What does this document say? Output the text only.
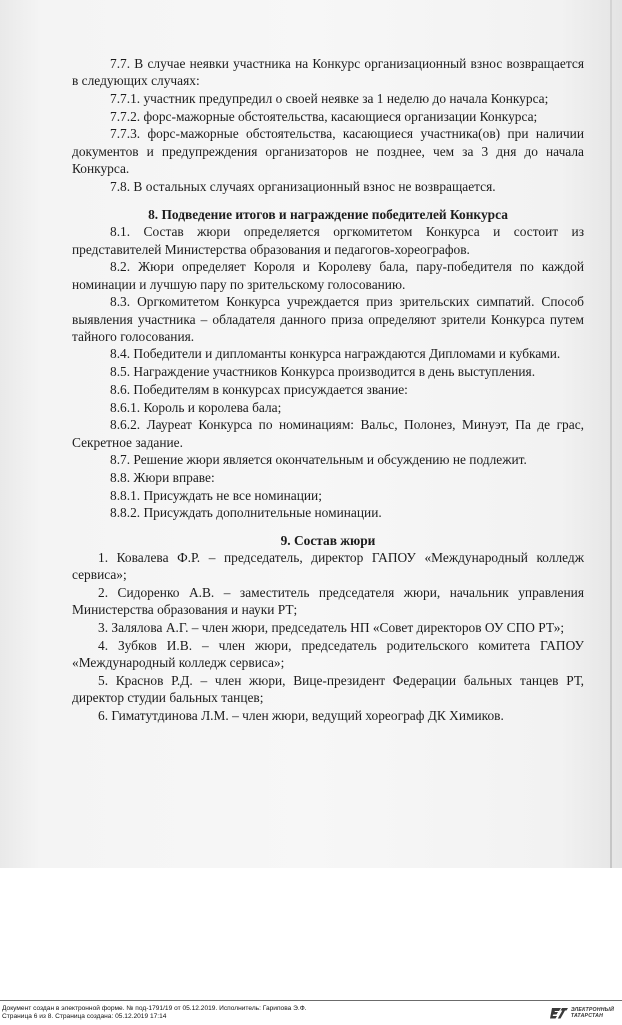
7.7. В случае неявки участника на Конкурс организационный взнос возвращается в следующих случаях:

7.7.1. участник предупредил о своей неявке за 1 неделю до начала Конкурса;

7.7.2. форс-мажорные обстоятельства, касающиеся организации Конкурса;

7.7.3. форс-мажорные обстоятельства, касающиеся участника(ов) при наличии документов и предупреждения организаторов не позднее, чем за 3 дня до начала Конкурса.

7.8. В остальных случаях организационный взнос не возвращается.

8. Подведение итогов и награждение победителей Конкурса

8.1. Состав жюри определяется оргкомитетом Конкурса и состоит из представителей Министерства образования и педагогов-хореографов.

8.2. Жюри определяет Короля и Королеву бала, пару-победителя по каждой номинации и лучшую пару по зрительскому голосованию.

8.3. Оргкомитетом Конкурса учреждается приз зрительских симпатий. Способ выявления участника – обладателя данного приза определяют зрители Конкурса путем тайного голосования.

8.4. Победители и дипломанты конкурса награждаются Дипломами и кубками.

8.5. Награждение участников Конкурса производится в день выступления.

8.6. Победителям в конкурсах присуждается звание:

8.6.1. Король и королева бала;

8.6.2. Лауреат Конкурса по номинациям: Вальс, Полонез, Минуэт, Па де грас, Секретное задание.

8.7. Решение жюри является окончательным и обсуждению не подлежит.

8.8. Жюри вправе:

8.8.1. Присуждать не все номинации;

8.8.2. Присуждать дополнительные номинации.

9. Состав жюри

1. Ковалева Ф.Р. – председатель, директор ГАПОУ «Международный колледж сервиса»;

2. Сидоренко А.В. – заместитель председателя жюри, начальник управления Министерства образования и науки РТ;

3. Залялова А.Г. – член жюри, председатель НП «Совет директоров ОУ СПО РТ»;

4. Зубков И.В. – член жюри, председатель родительского комитета ГАПОУ «Международный колледж сервиса»;

5. Краснов Р.Д. – член жюри, Вице-президент Федерации бальных танцев РТ, директор студии бальных танцев;

6. Гиматутдинова Л.М. – член жюри, ведущий хореограф ДК Химиков.

Документ создан в электронной форме. № под-1791/19 от 05.12.2019. Исполнитель: Гарипова Э.Ф.
Страница 6 из 8. Страница создана: 05.12.2019 17:14
ЭЛЕКТРОННЫЙ
ТАТАРСТАН
